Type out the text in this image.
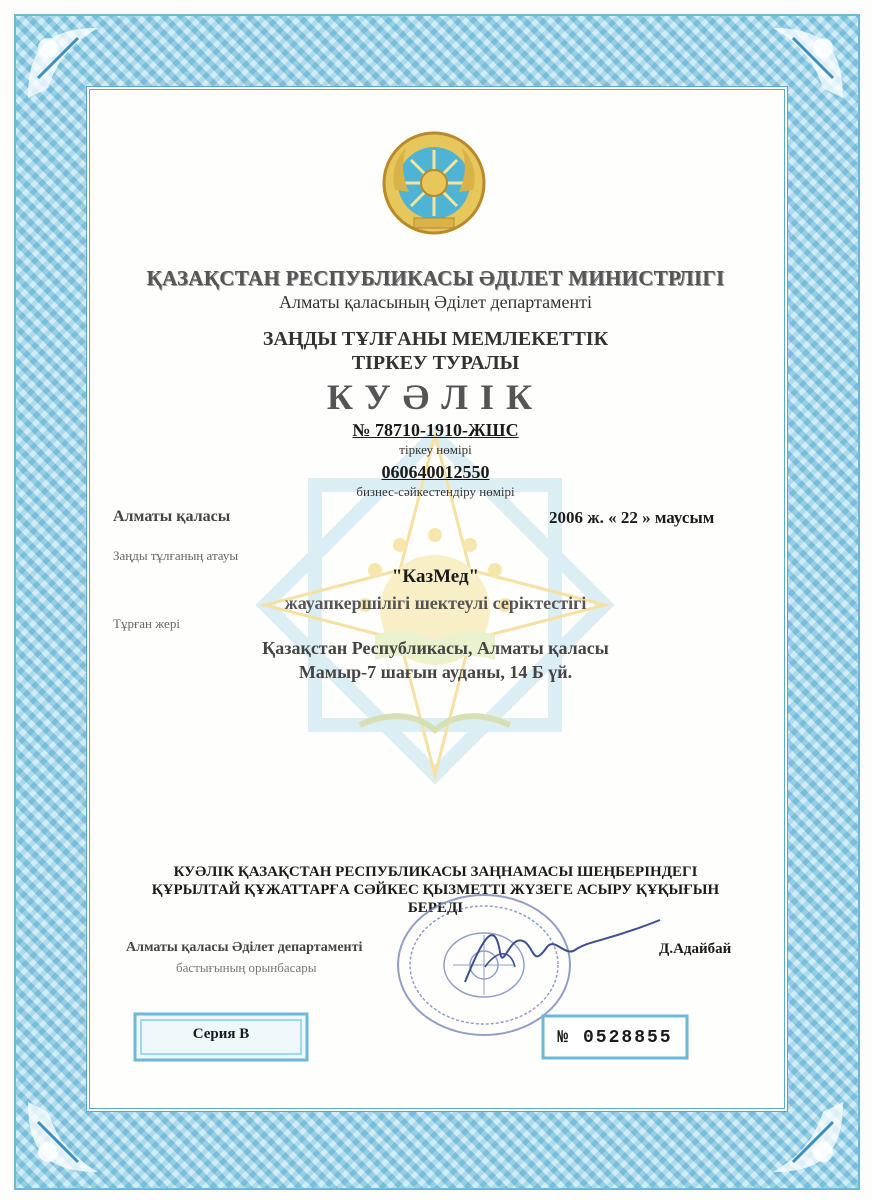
ҚАЗАҚСТАН РЕСПУБЛИКАСЫ ӘДІЛЕТ МИНИСТРЛІГІ
Алматы қаласының Әділет департаменті
ЗАҢДЫ ТҰЛҒАНЫ МЕМЛЕКЕТТІК
ТІРКЕУ ТУРАЛЫ
КУӘЛІК
№ 78710-1910-ЖШС
тіркеу нөмірі
060640012550
бизнес-сәйкестендіру нөмірі
Алматы қаласы	2006 ж. « 22 » маусым
Заңды тұлғаның атауы
"КазМед"
жауапкершілігі шектеулі серіктестігі
Тұрған жері
Қазақстан Республикасы, Алматы қаласы
Мамыр-7 шағын ауданы, 14 Б үй.
КУӘЛІК ҚАЗАҚСТАН РЕСПУБЛИКАСЫ ЗАҢНАМАСЫ ШЕҢБЕРІНДЕГІ
ҚҰРЫЛТАЙ ҚҰЖАТТАРҒА СӘЙКЕС ҚЫЗМЕТТІ ЖҮЗЕГЕ АСЫРУ ҚҰҚЫҒЫН
БЕРЕДІ
Алматы қаласы Әділет департаменті
бастығының орынбасары
Д.Адайбай
Серия В	№ 0528855
